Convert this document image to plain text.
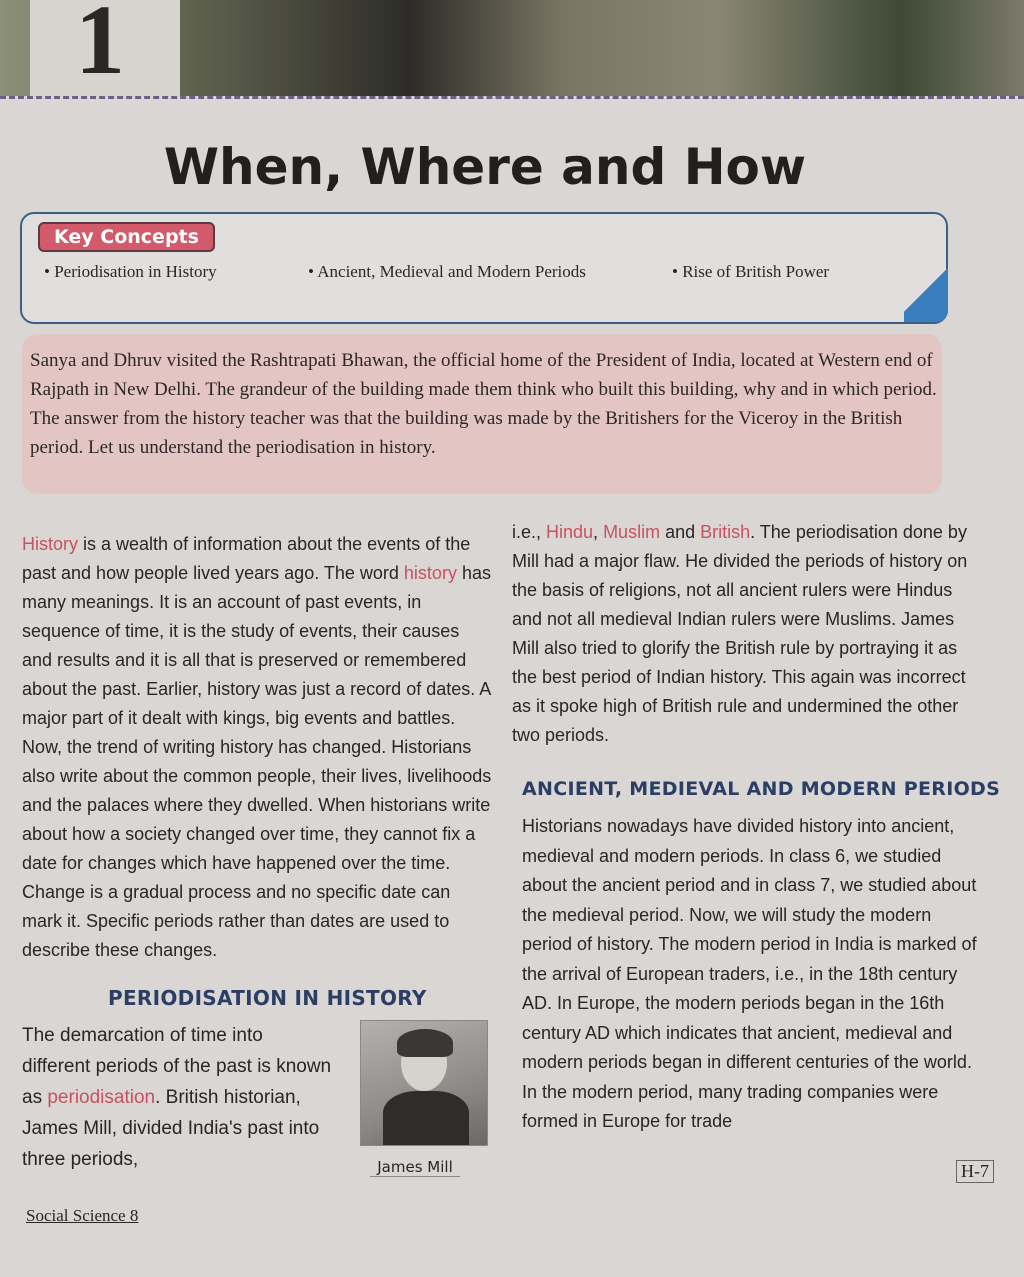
1
When, Where and How
Key Concepts
• Periodisation in History	• Ancient, Medieval and Modern Periods	• Rise of British Power
Sanya and Dhruv visited the Rashtrapati Bhawan, the official home of the President of India, located at Western end of Rajpath in New Delhi. The grandeur of the building made them think who built this building, why and in which period. The answer from the history teacher was that the building was made by the Britishers for the Viceroy in the British period. Let us understand the periodisation in history.
History is a wealth of information about the events of the past and how people lived years ago. The word history has many meanings. It is an account of past events, in sequence of time, it is the study of events, their causes and results and it is all that is preserved or remembered about the past. Earlier, history was just a record of dates. A major part of it dealt with kings, big events and battles. Now, the trend of writing history has changed. Historians also write about the common people, their lives, livelihoods and the palaces where they dwelled. When historians write about how a society changed over time, they cannot fix a date for changes which have happened over the time. Change is a gradual process and no specific date can mark it. Specific periods rather than dates are used to describe these changes.
PERIODISATION IN HISTORY
The demarcation of time into different periods of the past is known as periodisation. British historian, James Mill, divided India's past into three periods,	James Mill
i.e., Hindu, Muslim and British. The periodisation done by Mill had a major flaw. He divided the periods of history on the basis of religions, not all ancient rulers were Hindus and not all medieval Indian rulers were Muslims. James Mill also tried to glorify the British rule by portraying it as the best period of Indian history. This again was incorrect as it spoke high of British rule and undermined the other two periods.
ANCIENT, MEDIEVAL AND MODERN PERIODS
Historians nowadays have divided history into ancient, medieval and modern periods. In class 6, we studied about the ancient period and in class 7, we studied about the medieval period. Now, we will study the modern period of history. The modern period in India is marked of the arrival of European traders, i.e., in the 18th century AD. In Europe, the modern periods began in the 16th century AD which indicates that ancient, medieval and modern periods began in different centuries of the world. In the modern period, many trading companies were formed in Europe for trade
Social Science 8
H-7
